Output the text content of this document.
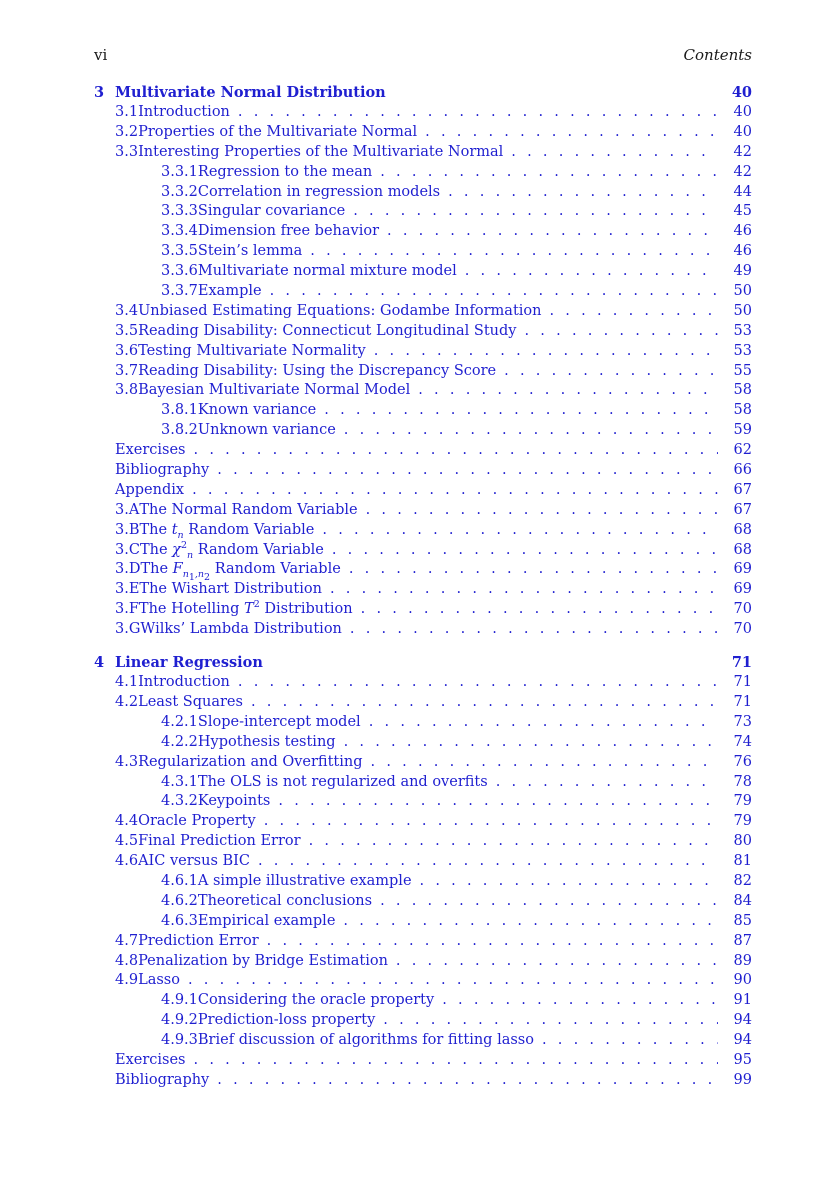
vi	Contents
3 Multivariate Normal Distribution	40
3.1 Introduction . . .	40
3.2 Properties of the Multivariate Normal . . .	40
3.3 Interesting Properties of the Multivariate Normal . . .	42
3.3.1 Regression to the mean . . .	42
3.3.2 Correlation in regression models . . .	44
3.3.3 Singular covariance . . .	45
3.3.4 Dimension free behavior . . .	46
3.3.5 Stein’s lemma . . .	46
3.3.6 Multivariate normal mixture model . . .	49
3.3.7 Example . . .	50
3.4 Unbiased Estimating Equations: Godambe Information . . .	50
3.5 Reading Disability: Connecticut Longitudinal Study . . .	53
3.6 Testing Multivariate Normality . . .	53
3.7 Reading Disability: Using the Discrepancy Score . . .	55
3.8 Bayesian Multivariate Normal Model . . .	58
3.8.1 Known variance . . .	58
3.8.2 Unknown variance . . .	59
Exercises . . .	62
Bibliography . . .	66
Appendix . . .	67
3.A The Normal Random Variable . . .	67
3.B The $t_n$ Random Variable . . .	68
3.C The $\chi^2_n$ Random Variable . . .	68
3.D The $F_{n_1,n_2}$ Random Variable . . .	69
3.E The Wishart Distribution . . .	69
3.F The Hotelling $T^2$ Distribution . . .	70
3.G Wilks’ Lambda Distribution . . .	70
4 Linear Regression	71
4.1 Introduction . . .	71
4.2 Least Squares . . .	71
4.2.1 Slope-intercept model . . .	73
4.2.2 Hypothesis testing . . .	74
4.3 Regularization and Overfitting . . .	76
4.3.1 The OLS is not regularized and overfits . . .	78
4.3.2 Keypoints . . .	79
4.4 Oracle Property . . .	79
4.5 Final Prediction Error . . .	80
4.6 AIC versus BIC . . .	81
4.6.1 A simple illustrative example . . .	82
4.6.2 Theoretical conclusions . . .	84
4.6.3 Empirical example . . .	85
4.7 Prediction Error . . .	87
4.8 Penalization by Bridge Estimation . . .	89
4.9 Lasso . . .	90
4.9.1 Considering the oracle property . . .	91
4.9.2 Prediction-loss property . . .	94
4.9.3 Brief discussion of algorithms for fitting lasso . . .	94
Exercises . . .	95
Bibliography . . .	99
